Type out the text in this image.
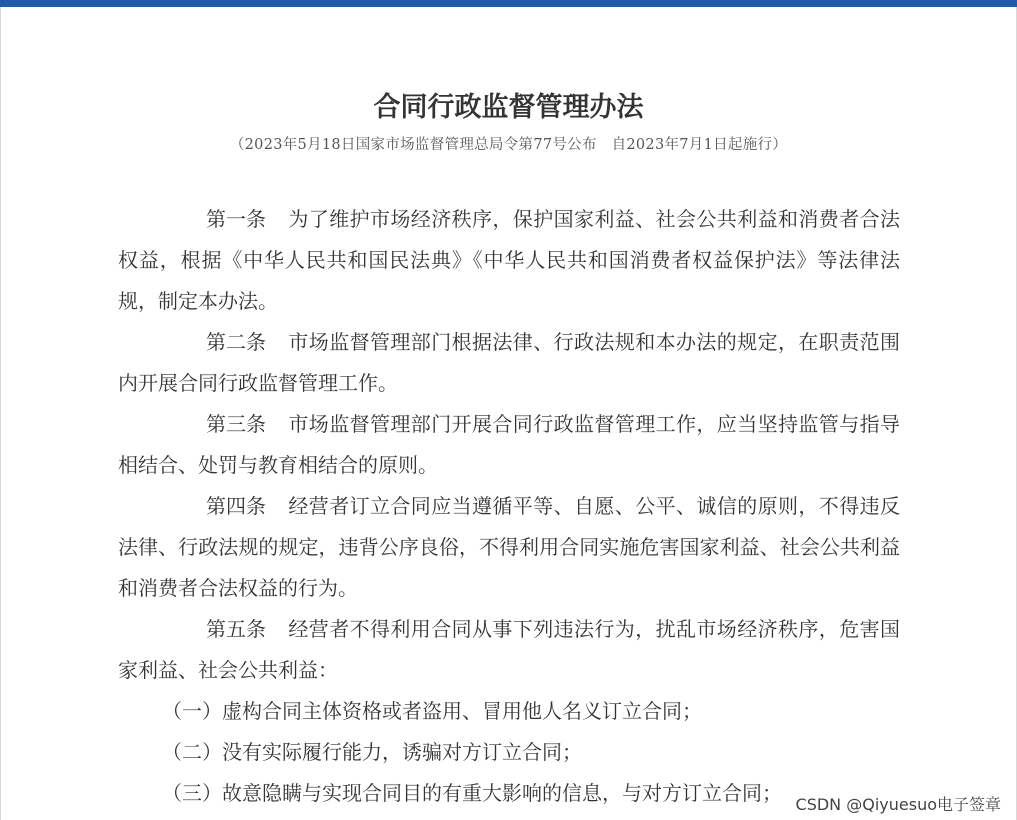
合同行政监督管理办法
（2023年5月18日国家市场监督管理总局令第77号公布　自2023年7月1日起施行）

第一条 为了维护市场经济秩序，保护国家利益、社会公共利益和消费者合法权益，根据《中华人民共和国民法典》《中华人民共和国消费者权益保护法》等法律法规，制定本办法。

第二条 市场监督管理部门根据法律、行政法规和本办法的规定，在职责范围内开展合同行政监督管理工作。

第三条 市场监督管理部门开展合同行政监督管理工作，应当坚持监管与指导相结合、处罚与教育相结合的原则。

第四条 经营者订立合同应当遵循平等、自愿、公平、诚信的原则，不得违反法律、行政法规的规定，违背公序良俗，不得利用合同实施危害国家利益、社会公共利益和消费者合法权益的行为。

第五条 经营者不得利用合同从事下列违法行为，扰乱市场经济秩序，危害国家利益、社会公共利益：

（一）虚构合同主体资格或者盗用、冒用他人名义订立合同；

（二）没有实际履行能力，诱骗对方订立合同；

（三）故意隐瞒与实现合同目的有重大影响的信息，与对方订立合同； CSDN @Qiyuesuo电子签章
